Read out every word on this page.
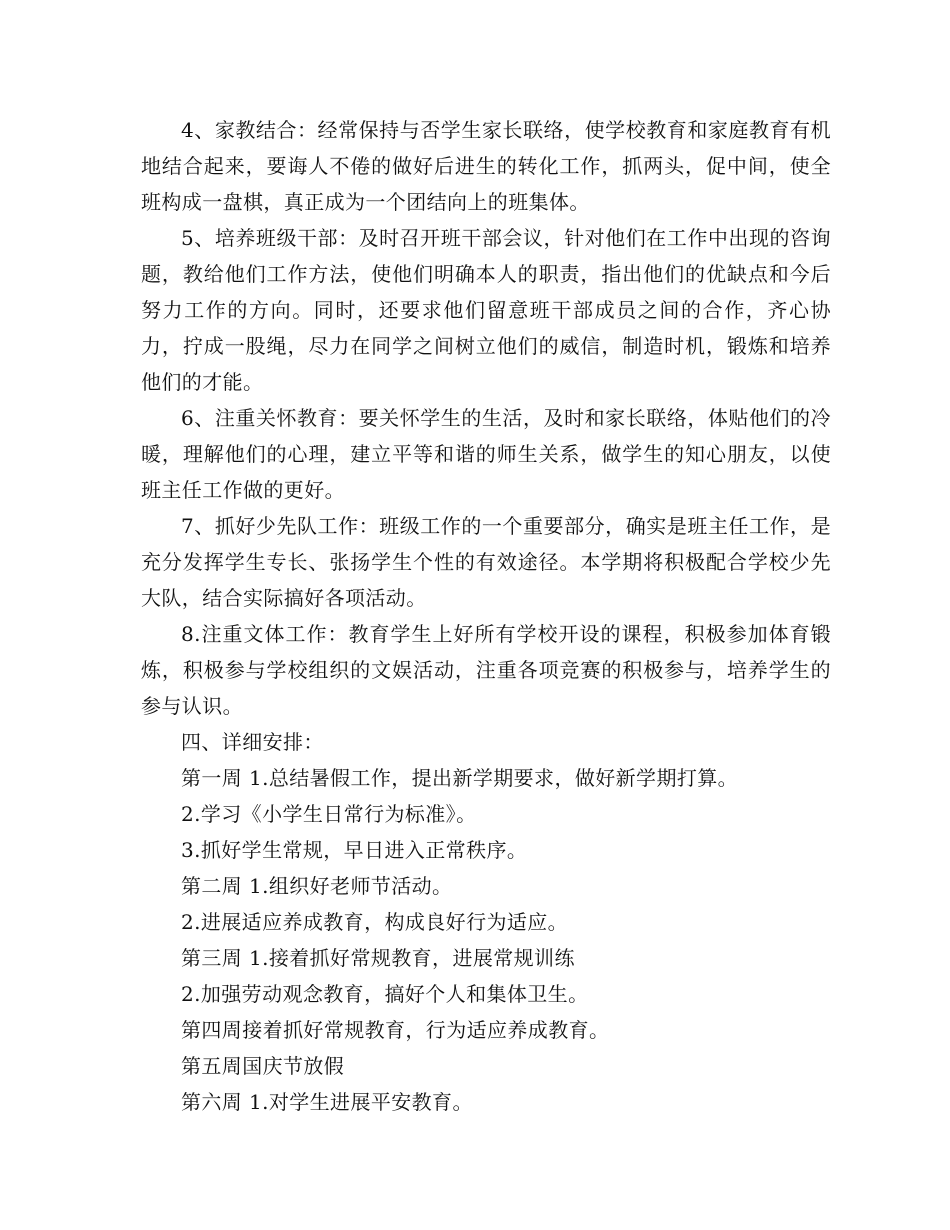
4、家教结合：经常保持与否学生家长联络，使学校教育和家庭教育有机地结合起来，要诲人不倦的做好后进生的转化工作，抓两头，促中间，使全班构成一盘棋，真正成为一个团结向上的班集体。

5、培养班级干部：及时召开班干部会议，针对他们在工作中出现的咨询题，教给他们工作方法，使他们明确本人的职责，指出他们的优缺点和今后努力工作的方向。同时，还要求他们留意班干部成员之间的合作，齐心协力，拧成一股绳，尽力在同学之间树立他们的威信，制造时机，锻炼和培养他们的才能。

6、注重关怀教育：要关怀学生的生活，及时和家长联络，体贴他们的冷暖，理解他们的心理，建立平等和谐的师生关系，做学生的知心朋友，以使班主任工作做的更好。

7、抓好少先队工作：班级工作的一个重要部分，确实是班主任工作，是充分发挥学生专长、张扬学生个性的有效途径。本学期将积极配合学校少先大队，结合实际搞好各项活动。

8.注重文体工作：教育学生上好所有学校开设的课程，积极参加体育锻炼，积极参与学校组织的文娱活动，注重各项竞赛的积极参与，培养学生的参与认识。

四、详细安排：

第一周 1.总结暑假工作，提出新学期要求，做好新学期打算。

2.学习《小学生日常行为标准》。

3.抓好学生常规，早日进入正常秩序。

第二周 1.组织好老师节活动。

2.进展适应养成教育，构成良好行为适应。

第三周 1.接着抓好常规教育，进展常规训练

2.加强劳动观念教育，搞好个人和集体卫生。

第四周接着抓好常规教育，行为适应养成教育。

第五周国庆节放假

第六周 1.对学生进展平安教育。
